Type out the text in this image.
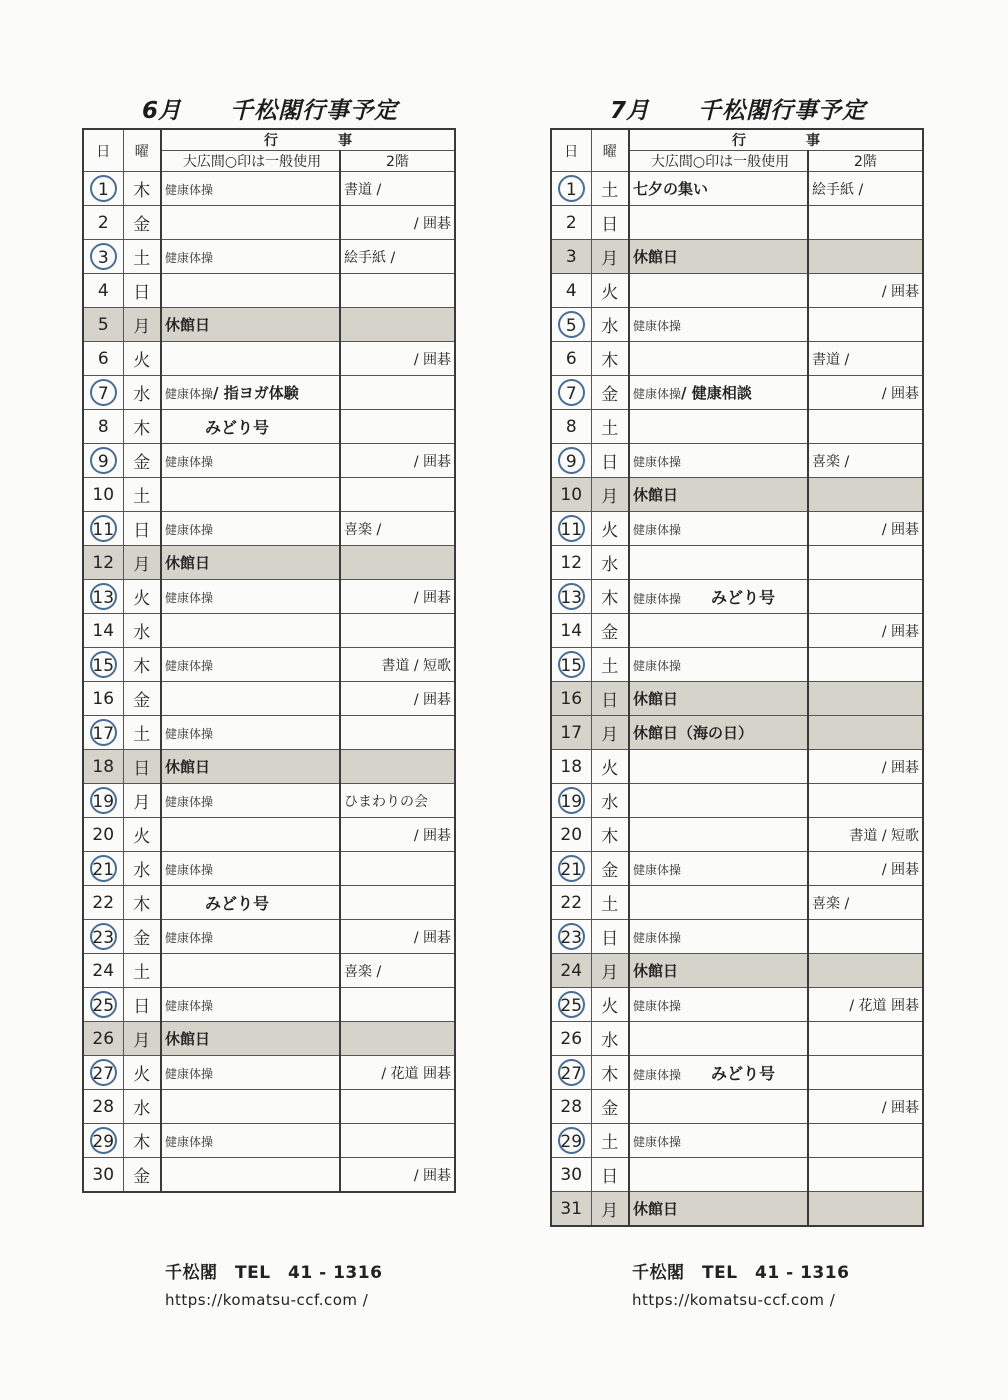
6月 千松閣行事予定
日	曜	行事	
		大広間○印は一般使用	2階
1	木	健康体操	書道 /
2	金		/ 囲碁

3	土	健康体操	絵手紙 /
4	日		
5	月	休館日	
6	火		/ 囲碁

7	水	健康体操/ 指ヨガ体験	
8	木	みどり号	

9	金	健康体操	/ 囲碁

10	土		
11	日	健康体操	喜楽 /
12	月	休館日	
13	火	健康体操	/ 囲碁

14	水		
15	木	健康体操	書道 / 短歌

16	金		/ 囲碁

17	土	健康体操	
18	日	休館日	
19	月	健康体操	ひまわりの会
20	火		/ 囲碁

21	水	健康体操	
22	木	みどり号	

23	金	健康体操	/ 囲碁

24	土		喜楽 /
25	日	健康体操	
26	月	休館日	
27	火	健康体操	/ 花道 囲碁

28	水		
29	木	健康体操	
30	金		/ 囲碁
7月 千松閣行事予定
日	曜	行事	
		大広間○印は一般使用	2階
1	土	七夕の集い	絵手紙 /
2	日		
3	月	休館日	
4	火		/ 囲碁

5	水	健康体操	
6	木		書道 /
7	金	健康体操/ 健康相談	/ 囲碁

8	土		
9	日	健康体操	喜楽 /
10	月	休館日	
11	火	健康体操	/ 囲碁

12	水		
13	木	健康体操 みどり号	
14	金		/ 囲碁

15	土	健康体操	
16	日	休館日	
17	月	休館日（海の日）	
18	火		/ 囲碁

19	水		
20	木		書道 / 短歌

21	金	健康体操	/ 囲碁

22	土		喜楽 /
23	日	健康体操	
24	月	休館日	
25	火	健康体操	/ 花道 囲碁

26	水		
27	木	健康体操 みどり号	
28	金		/ 囲碁

29	土	健康体操	
30	日		
31	月	休館日	
千松閣　TEL　41 - 1316
https://komatsu-ccf.com /
千松閣　TEL　41 - 1316
https://komatsu-ccf.com /
